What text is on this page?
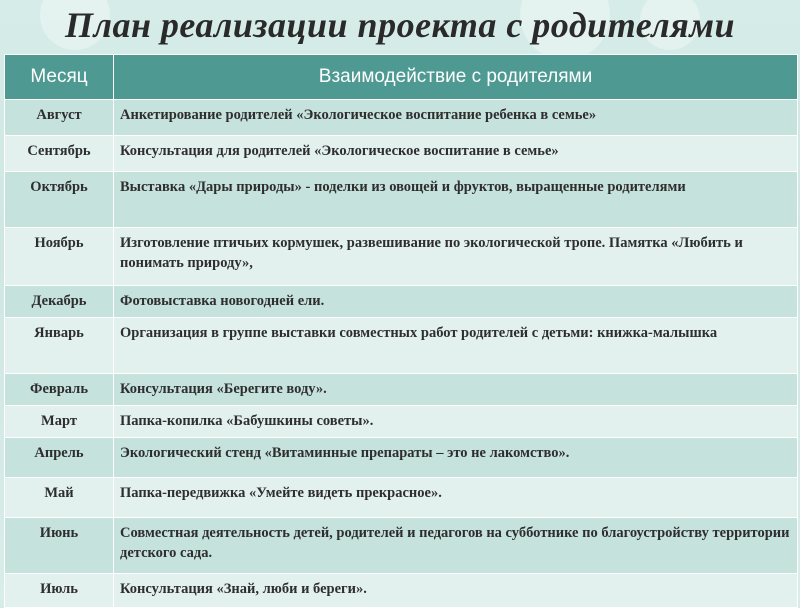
План реализации проекта с родителями
Месяц	Взаимодействие с родителями
Август	Анкетирование родителей «Экологическое воспитание ребенка в семье»
Сентябрь	Консультация для родителей «Экологическое воспитание в семье»
Октябрь	Выставка «Дары природы» - поделки из овощей и фруктов, выращенные родителями
Ноябрь	Изготовление птичьих кормушек, развешивание по экологической тропе. Памятка «Любить и понимать природу»,
Декабрь	Фотовыставка новогодней ели.
Январь	Организация в группе выставки совместных работ родителей с детьми: книжка-малышка
Февраль	Консультация «Берегите воду».
Март	Папка-копилка «Бабушкины советы».
Апрель	Экологический стенд «Витаминные препараты – это не лакомство».
Май	Папка-передвижка «Умейте видеть прекрасное».
Июнь	Совместная деятельность детей, родителей и педагогов на субботнике по благоустройству территории детского сада.
Июль	Консультация «Знай, люби и береги».
